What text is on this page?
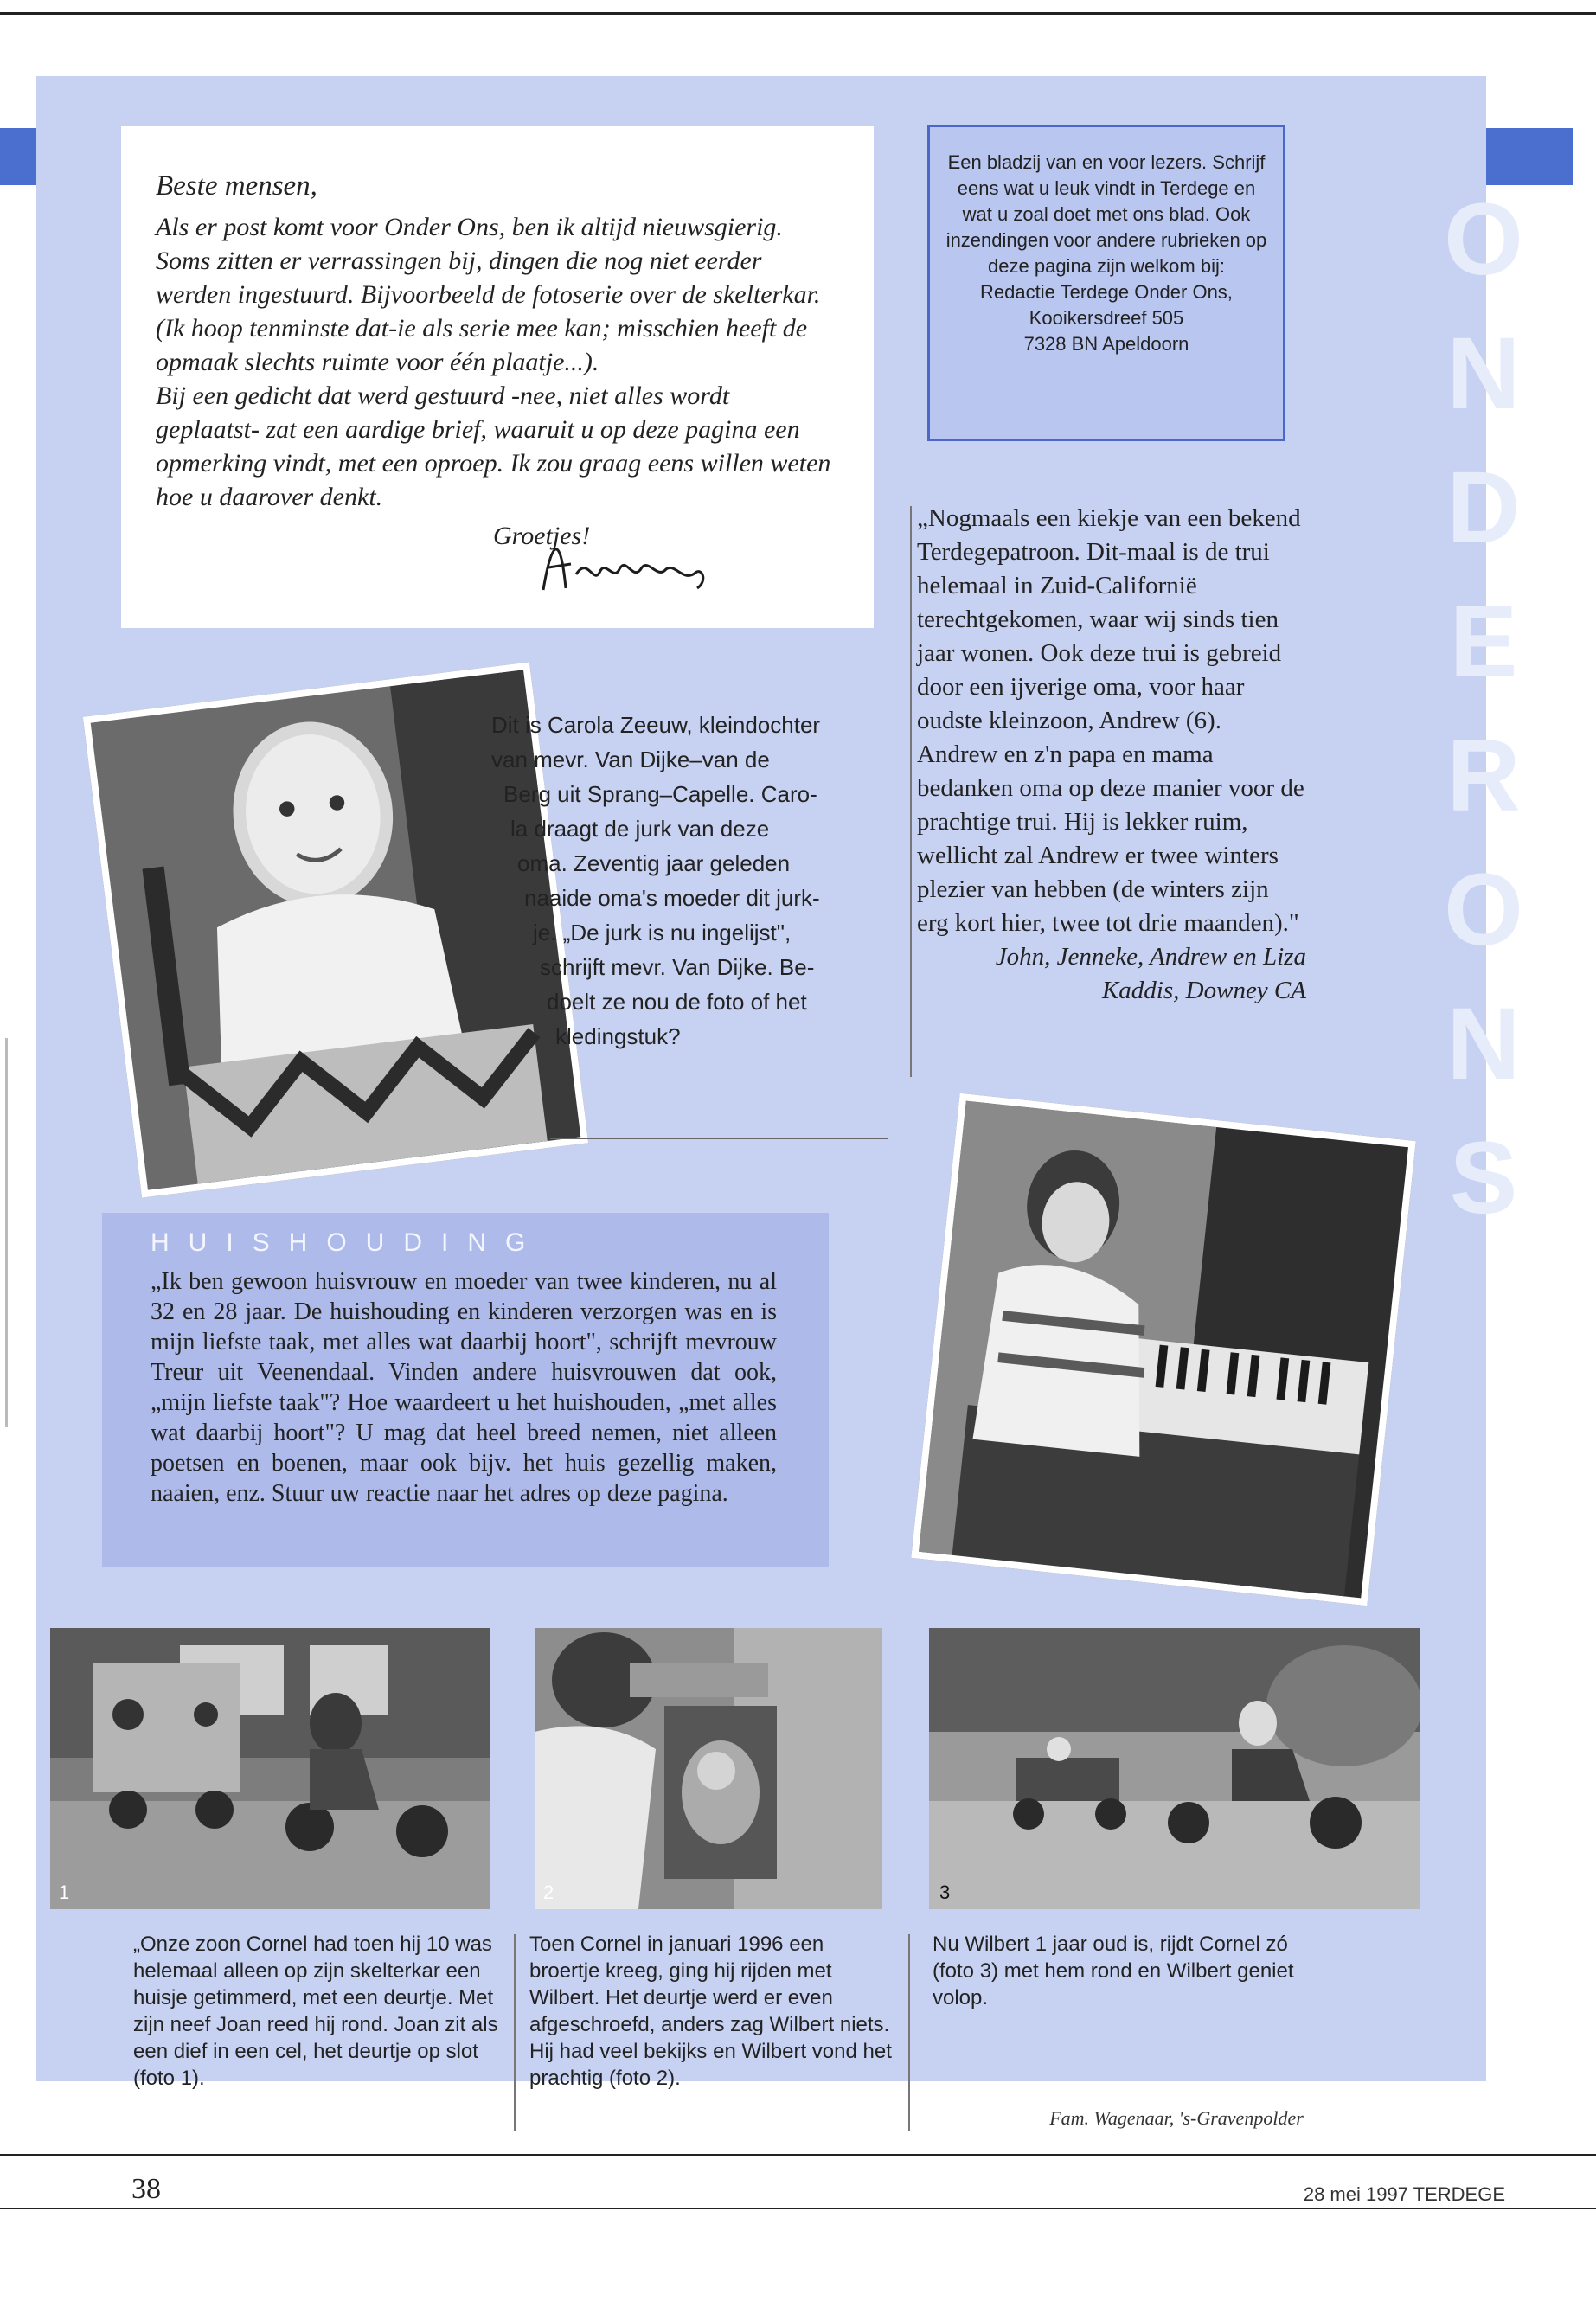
O
N
D
E
R
O
N
S

Beste mensen,

Als er post komt voor Onder Ons, ben ik altijd nieuwsgierig. Soms zitten er verrassingen bij, dingen die nog niet eerder werden ingestuurd. Bijvoorbeeld de fotoserie over de skelterkar. (Ik hoop tenminste dat-ie als serie mee kan; misschien heeft de opmaak slechts ruimte voor één plaatje...).

Bij een gedicht dat werd gestuurd -nee, niet alles wordt geplaatst- zat een aardige brief, waaruit u op deze pagina een opmerking vindt, met een oproep. Ik zou graag eens willen weten hoe u daarover denkt.

Groetjes!

Een bladzij van en voor lezers. Schrijf eens wat u leuk vindt in Terdege en wat u zoal doet met ons blad. Ook inzendingen voor andere rubrieken op deze pagina zijn welkom bij:
Redactie Terdege Onder Ons,
Kooikersdreef 505
7328 BN Apeldoorn
„Nogmaals een kiekje van een bekend Terdegepatroon. Dit-maal is de trui helemaal in Zuid-Californië terechtgekomen, waar wij sinds tien jaar wonen. Ook deze trui is gebreid door een ijverige oma, voor haar oudste kleinzoon, Andrew (6). Andrew en z'n papa en mama bedanken oma op deze manier voor de prachtige trui. Hij is lekker ruim, wellicht zal Andrew er twee winters plezier van hebben (de winters zijn erg kort hier, twee tot drie maanden)."
John, Jenneke, Andrew en Liza
Kaddis, Downey CA
Dit is Carola Zeeuw, kleindochter
van mevr. Van Dijke–van de
Berg uit Sprang–Capelle. Caro-
la draagt de jurk van deze
oma. Zeventig jaar geleden
naaide oma's moeder dit jurk-
je. „De jurk is nu ingelijst",
schrijft mevr. Van Dijke. Be-
doelt ze nou de foto of het
kledingstuk?
HUISHOUDING
„Ik ben gewoon huisvrouw en moeder van twee kinderen, nu al 32 en 28 jaar. De huishouding en kinderen verzorgen was en is mijn liefste taak, met alles wat daarbij hoort", schrijft mevrouw Treur uit Veenendaal. Vinden andere huisvrouwen dat ook, „mijn liefste taak"? Hoe waardeert u het huishouden, „met alles wat daarbij hoort"? U mag dat heel breed nemen, niet alleen poetsen en boenen, maar ook bijv. het huis gezellig maken, naaien, enz. Stuur uw reactie naar het adres op deze pagina.
1	2	3
„Onze zoon Cornel had toen hij 10 was helemaal alleen op zijn skelterkar een huisje getimmerd, met een deurtje. Met zijn neef Joan reed hij rond. Joan zit als een dief in een cel, het deurtje op slot (foto 1).
Toen Cornel in januari 1996 een broertje kreeg, ging hij rijden met Wilbert. Het deurtje werd er even afgeschroefd, anders zag Wilbert niets. Hij had veel bekijks en Wilbert vond het prachtig (foto 2).
Nu Wilbert 1 jaar oud is, rijdt Cornel zó (foto 3) met hem rond en Wilbert geniet volop.
Fam. Wagenaar, 's-Gravenpolder
38	28 mei 1997 TERDEGE
